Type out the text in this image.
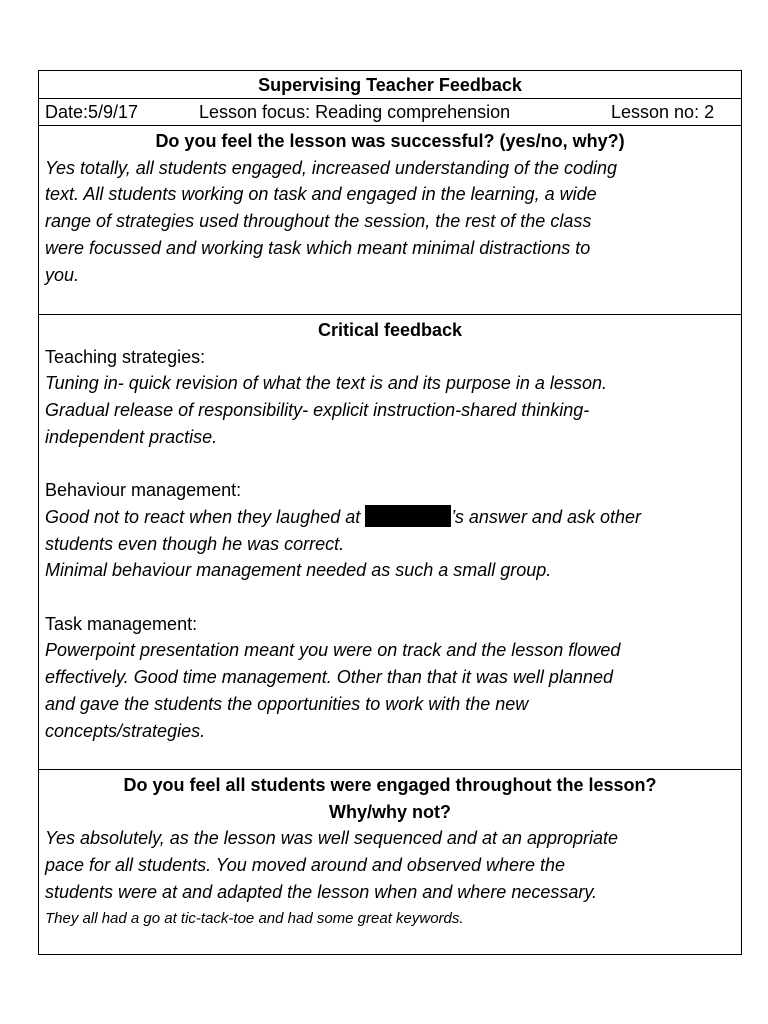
Supervising Teacher Feedback
Date:5/9/17	Lesson focus: Reading comprehension	Lesson no: 2
Do you feel the lesson was successful? (yes/no, why?)
Yes totally, all students engaged, increased understanding of the coding
text. All students working on task and engaged in the learning, a wide
range of strategies used throughout the session, the rest of the class
were focussed and working task which meant minimal distractions to
you.
Critical feedback
Teaching strategies:
Tuning in- quick revision of what the text is and its purpose in a lesson.
Gradual release of responsibility- explicit instruction-shared thinking-
independent practise.
Behaviour management:
Good not to react when they laughed at	’s answer and ask other
students even though he was correct.
Minimal behaviour management needed as such a small group.
Task management:
Powerpoint presentation meant you were on track and the lesson flowed
effectively. Good time management. Other than that it was well planned
and gave the students the opportunities to work with the new
concepts/strategies.
Do you feel all students were engaged throughout the lesson?
Why/why not?
Yes absolutely, as the lesson was well sequenced and at an appropriate
pace for all students. You moved around and observed where the
students were at and adapted the lesson when and where necessary.
They all had a go at tic-tack-toe and had some great keywords.
